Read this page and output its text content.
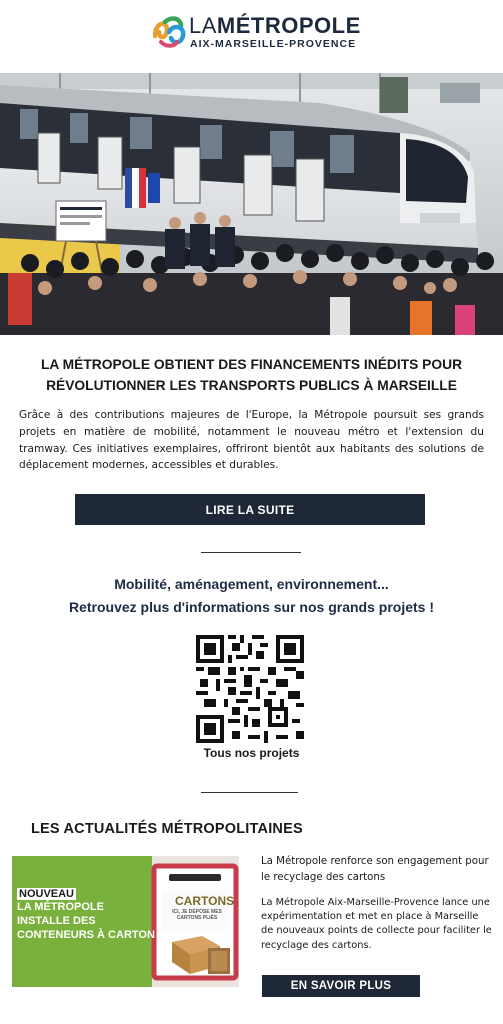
LAMÉTROPOLE
AIX-MARSEILLE-PROVENCE
LA MÉTROPOLE OBTIENT DES FINANCEMENTS INÉDITS POUR RÉVOLUTIONNER LES TRANSPORTS PUBLICS À MARSEILLE
Grâce à des contributions majeures de l'Europe, la Métropole poursuit ses grands projets en matière de mobilité, notamment le nouveau métro et l'extension du tramway. Ces initiatives exemplaires, offriront bientôt aux habitants des solutions de déplacement modernes, accessibles et durables.
LIRE LA SUITE
Mobilité, aménagement, environnement...
Retrouvez plus d'informations sur nos grands projets !
Tous nos projets
LES ACTUALITÉS MÉTROPOLITAINES
NOUVEAU
LA MÉTROPOLE
INSTALLE DES
CONTENEURS À CARTON
CARTONS
ICI, JE DÉPOSE MES CARTONS PLIÉS
La Métropole renforce son engagement pour le recyclage des cartons
La Métropole Aix-Marseille-Provence lance une expérimentation et met en place à Marseille de nouveaux points de collecte pour faciliter le recyclage des cartons.
EN SAVOIR PLUS
